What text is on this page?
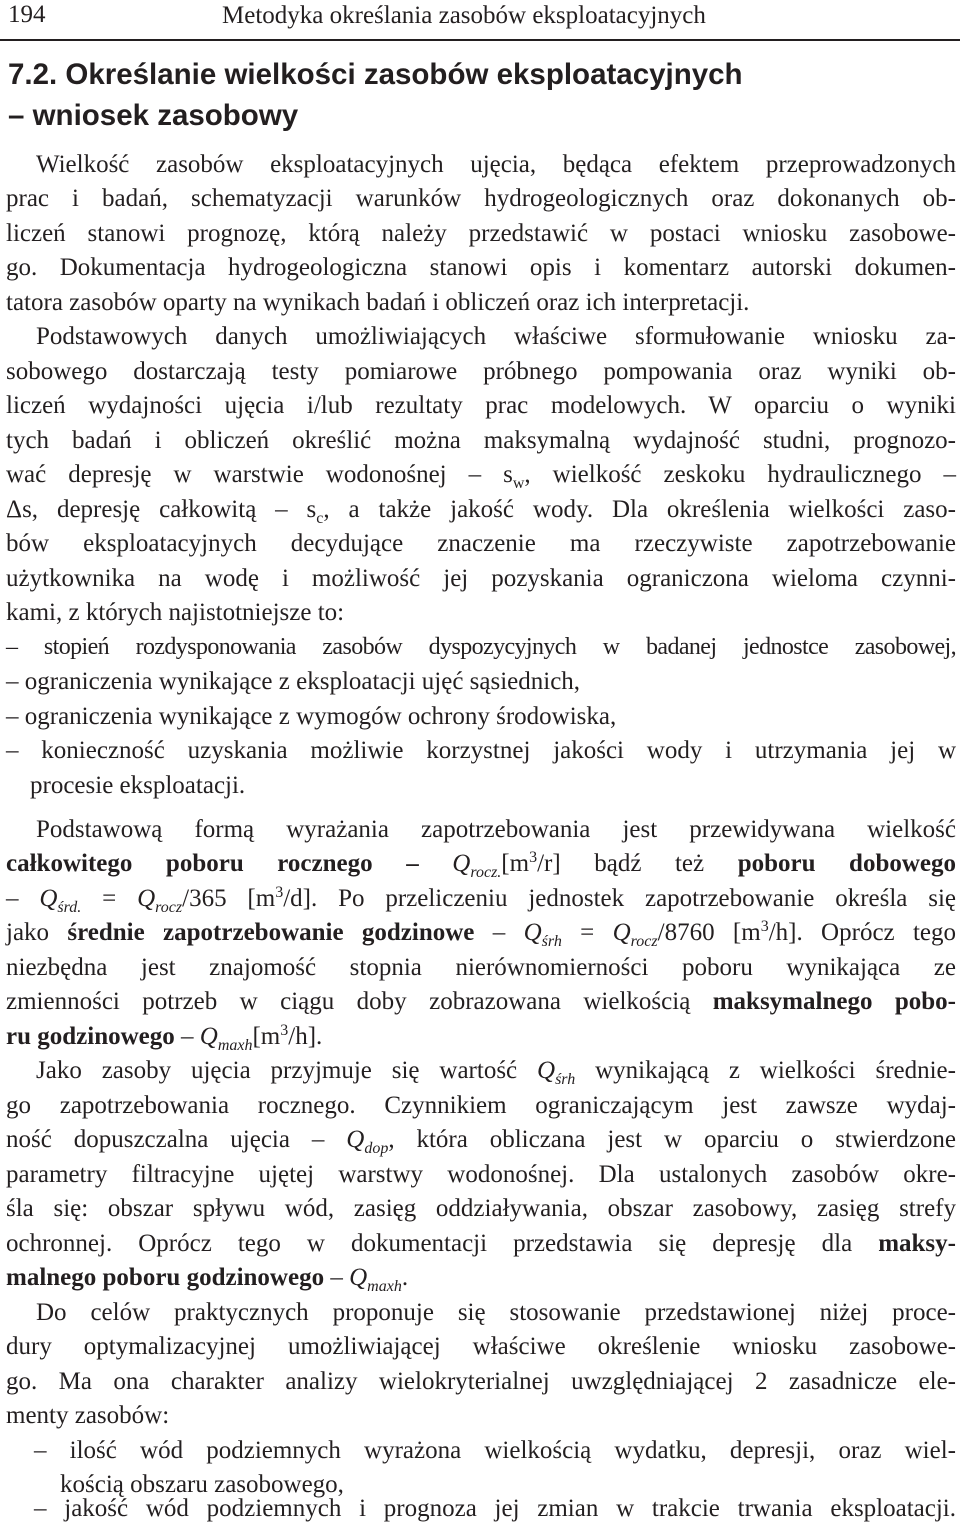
194	Metodyka określania zasobów eksploatacyjnych
7.2. Określanie wielkości zasobów eksploatacyjnych
– wniosek zasobowy
Wielkość zasobów eksploatacyjnych ujęcia, będąca efektem przeprowadzonych
prac i badań, schematyzacji warunków hydrogeologicznych oraz dokonanych ob-
liczeń stanowi prognozę, którą należy przedstawić w postaci wniosku zasobowe-
go. Dokumentacja hydrogeologiczna stanowi opis i komentarz autorski dokumen-
tatora zasobów oparty na wynikach badań i obliczeń oraz ich interpretacji.
Podstawowych danych umożliwiających właściwe sformułowanie wniosku za-
sobowego dostarczają testy pomiarowe próbnego pompowania oraz wyniki ob-
liczeń wydajności ujęcia i/lub rezultaty prac modelowych. W oparciu o wyniki
tych badań i obliczeń określić można maksymalną wydajność studni, prognozo-
wać depresję w warstwie wodonośnej – $s_w$, wielkość zeskoku hydraulicznego –
Δs, depresję całkowitą – $s_c$, a także jakość wody. Dla określenia wielkości zaso-
bów eksploatacyjnych decydujące znaczenie ma rzeczywiste zapotrzebowanie
użytkownika na wodę i możliwość jej pozyskania ograniczona wieloma czynni-
kami, z których najistotniejsze to:
– stopień rozdysponowania zasobów dyspozycyjnych w badanej jednostce zasobowej,
– ograniczenia wynikające z eksploatacji ujęć sąsiednich,
– ograniczenia wynikające z wymogów ochrony środowiska,
– konieczność uzyskania możliwie korzystnej jakości wody i utrzymania jej w
procesie eksploatacji.
Podstawową formą wyrażania zapotrzebowania jest przewidywana wielkość
całkowitego poboru rocznego – $Q_{rocz.}[m^3/r]$ bądź też poboru dobowego
– $Q_{śrd.} = Q_{rocz}/365$ $[m^3/d]$. Po przeliczeniu jednostek zapotrzebowanie określa się
jako średnie zapotrzebowanie godzinowe – $Q_{śrh} = Q_{rocz}/8760$ $[m^3/h]$. Oprócz tego
niezbędna jest znajomość stopnia nierównomierności poboru wynikająca ze
zmienności potrzeb w ciągu doby zobrazowana wielkością maksymalnego pobo-
ru godzinowego – $Q_{maxh}[m^3/h]$.
Jako zasoby ujęcia przyjmuje się wartość $Q_{śrh}$ wynikającą z wielkości średnie-
go zapotrzebowania rocznego. Czynnikiem ograniczającym jest zawsze wydaj-
ność dopuszczalna ujęcia – $Q_{dop}$, która obliczana jest w oparciu o stwierdzone
parametry filtracyjne ujętej warstwy wodonośnej. Dla ustalonych zasobów okre-
śla się: obszar spływu wód, zasięg oddziaływania, obszar zasobowy, zasięg strefy
ochronnej. Oprócz tego w dokumentacji przedstawia się depresję dla maksy-
malnego poboru godzinowego – $Q_{maxh}$.
Do celów praktycznych proponuje się stosowanie przedstawionej niżej proce-
dury optymalizacyjnej umożliwiającej właściwe określenie wniosku zasobowe-
go. Ma ona charakter analizy wielokryterialnej uwzględniającej 2 zasadnicze ele-
menty zasobów:
– ilość wód podziemnych wyrażona wielkością wydatku, depresji, oraz wiel-
kością obszaru zasobowego,
– jakość wód podziemnych i prognoza jej zmian w trakcie trwania eksploatacji.
